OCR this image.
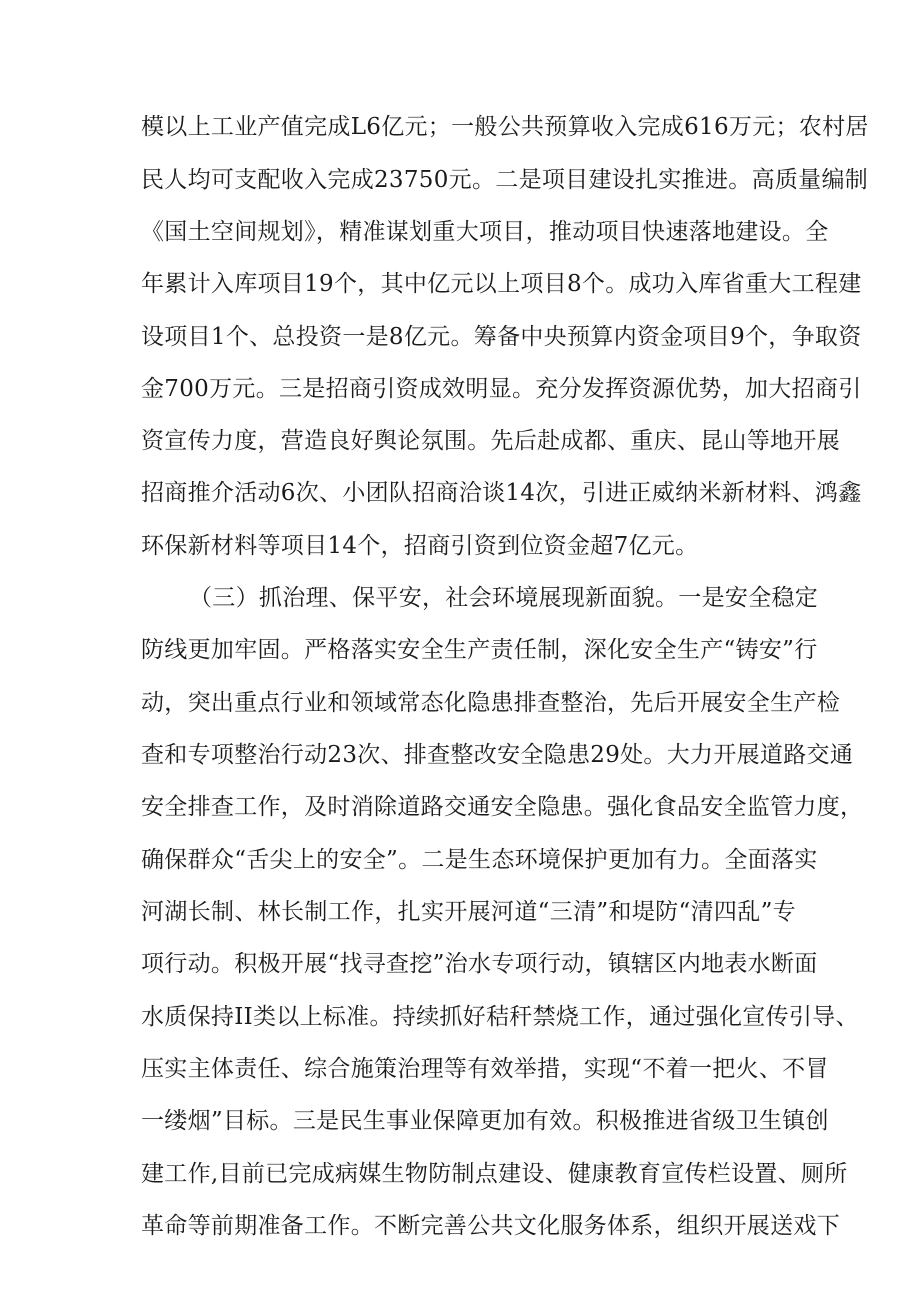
模以上工业产值完成L6亿元；一般公共预算收入完成616万元；农村居
民人均可支配收入完成23750元。二是项目建设扎实推进。高质量编制
《国土空间规划》，精准谋划重大项目，推动项目快速落地建设。全
年累计入库项目19个，其中亿元以上项目8个。成功入库省重大工程建
设项目1个、总投资一是8亿元。筹备中央预算内资金项目9个，争取资
金700万元。三是招商引资成效明显。充分发挥资源优势，加大招商引
资宣传力度，营造良好舆论氛围。先后赴成都、重庆、昆山等地开展
招商推介活动6次、小团队招商洽谈14次，引进正威纳米新材料、鸿鑫
环保新材料等项目14个，招商引资到位资金超7亿元。
（三）抓治理、保平安，社会环境展现新面貌。一是安全稳定
防线更加牢固。严格落实安全生产责任制，深化安全生产“铸安”行
动，突出重点行业和领域常态化隐患排查整治，先后开展安全生产检
查和专项整治行动23次、排查整改安全隐患29处。大力开展道路交通
安全排查工作，及时消除道路交通安全隐患。强化食品安全监管力度，
确保群众“舌尖上的安全”。二是生态环境保护更加有力。全面落实
河湖长制、林长制工作，扎实开展河道“三清”和堤防“清四乱”专
项行动。积极开展“找寻查挖”治水专项行动，镇辖区内地表水断面
水质保持II类以上标准。持续抓好秸秆禁烧工作，通过强化宣传引导、
压实主体责任、综合施策治理等有效举措，实现“不着一把火、不冒
一缕烟”目标。三是民生事业保障更加有效。积极推进省级卫生镇创
建工作,目前已完成病媒生物防制点建设、健康教育宣传栏设置、厕所
革命等前期准备工作。不断完善公共文化服务体系，组织开展送戏下
